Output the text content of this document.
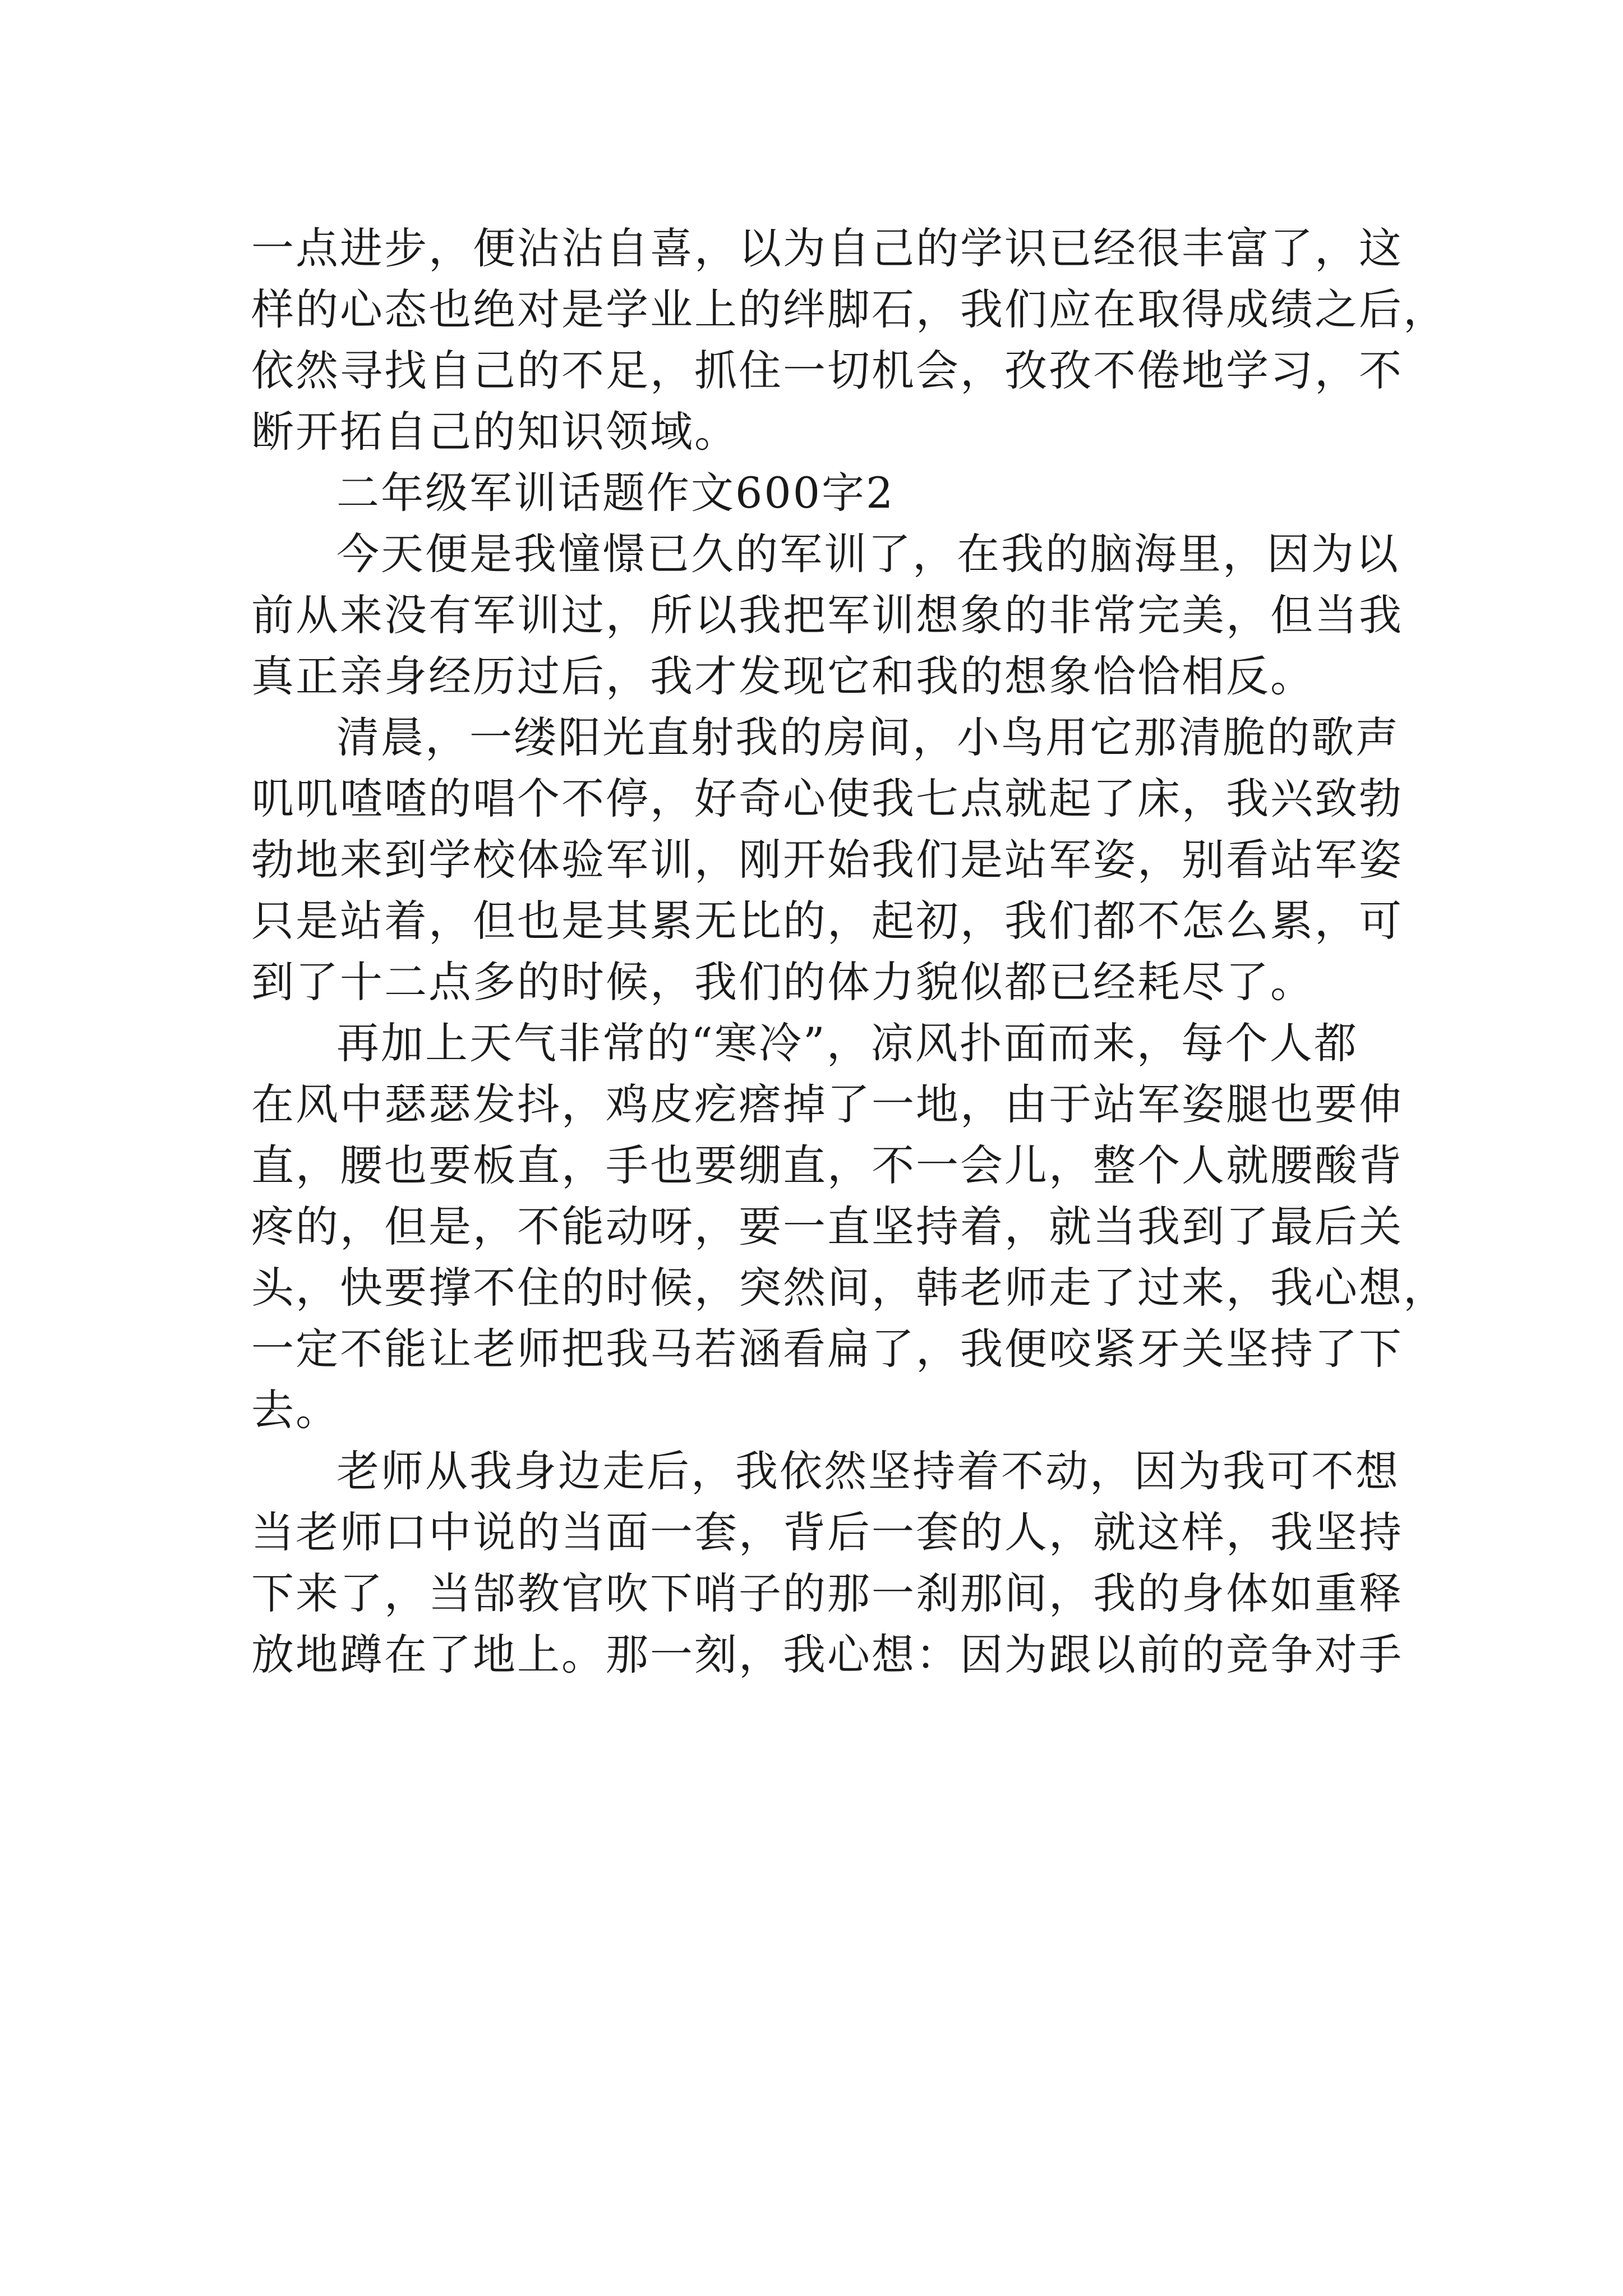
一点进步，便沾沾自喜，以为自己的学识已经很丰富了，这
样的心态也绝对是学业上的绊脚石，我们应在取得成绩之后，
依然寻找自己的不足，抓住一切机会，孜孜不倦地学习，不
断开拓自己的知识领域。
二年级军训话题作文600字2
今天便是我憧憬已久的军训了，在我的脑海里，因为以
前从来没有军训过，所以我把军训想象的非常完美，但当我
真正亲身经历过后，我才发现它和我的想象恰恰相反。
清晨，一缕阳光直射我的房间，小鸟用它那清脆的歌声
叽叽喳喳的唱个不停，好奇心使我七点就起了床，我兴致勃
勃地来到学校体验军训，刚开始我们是站军姿，别看站军姿
只是站着，但也是其累无比的，起初，我们都不怎么累，可
到了十二点多的时候，我们的体力貌似都已经耗尽了。
再加上天气非常的“寒冷”，凉风扑面而来，每个人都
在风中瑟瑟发抖，鸡皮疙瘩掉了一地，由于站军姿腿也要伸
直，腰也要板直，手也要绷直，不一会儿，整个人就腰酸背
疼的，但是，不能动呀，要一直坚持着，就当我到了最后关
头，快要撑不住的时候，突然间，韩老师走了过来，我心想，
一定不能让老师把我马若涵看扁了，我便咬紧牙关坚持了下
去。
老师从我身边走后，我依然坚持着不动，因为我可不想
当老师口中说的当面一套，背后一套的人，就这样，我坚持
下来了，当郜教官吹下哨子的那一刹那间，我的身体如重释
放地蹲在了地上。那一刻，我心想：因为跟以前的竞争对手
